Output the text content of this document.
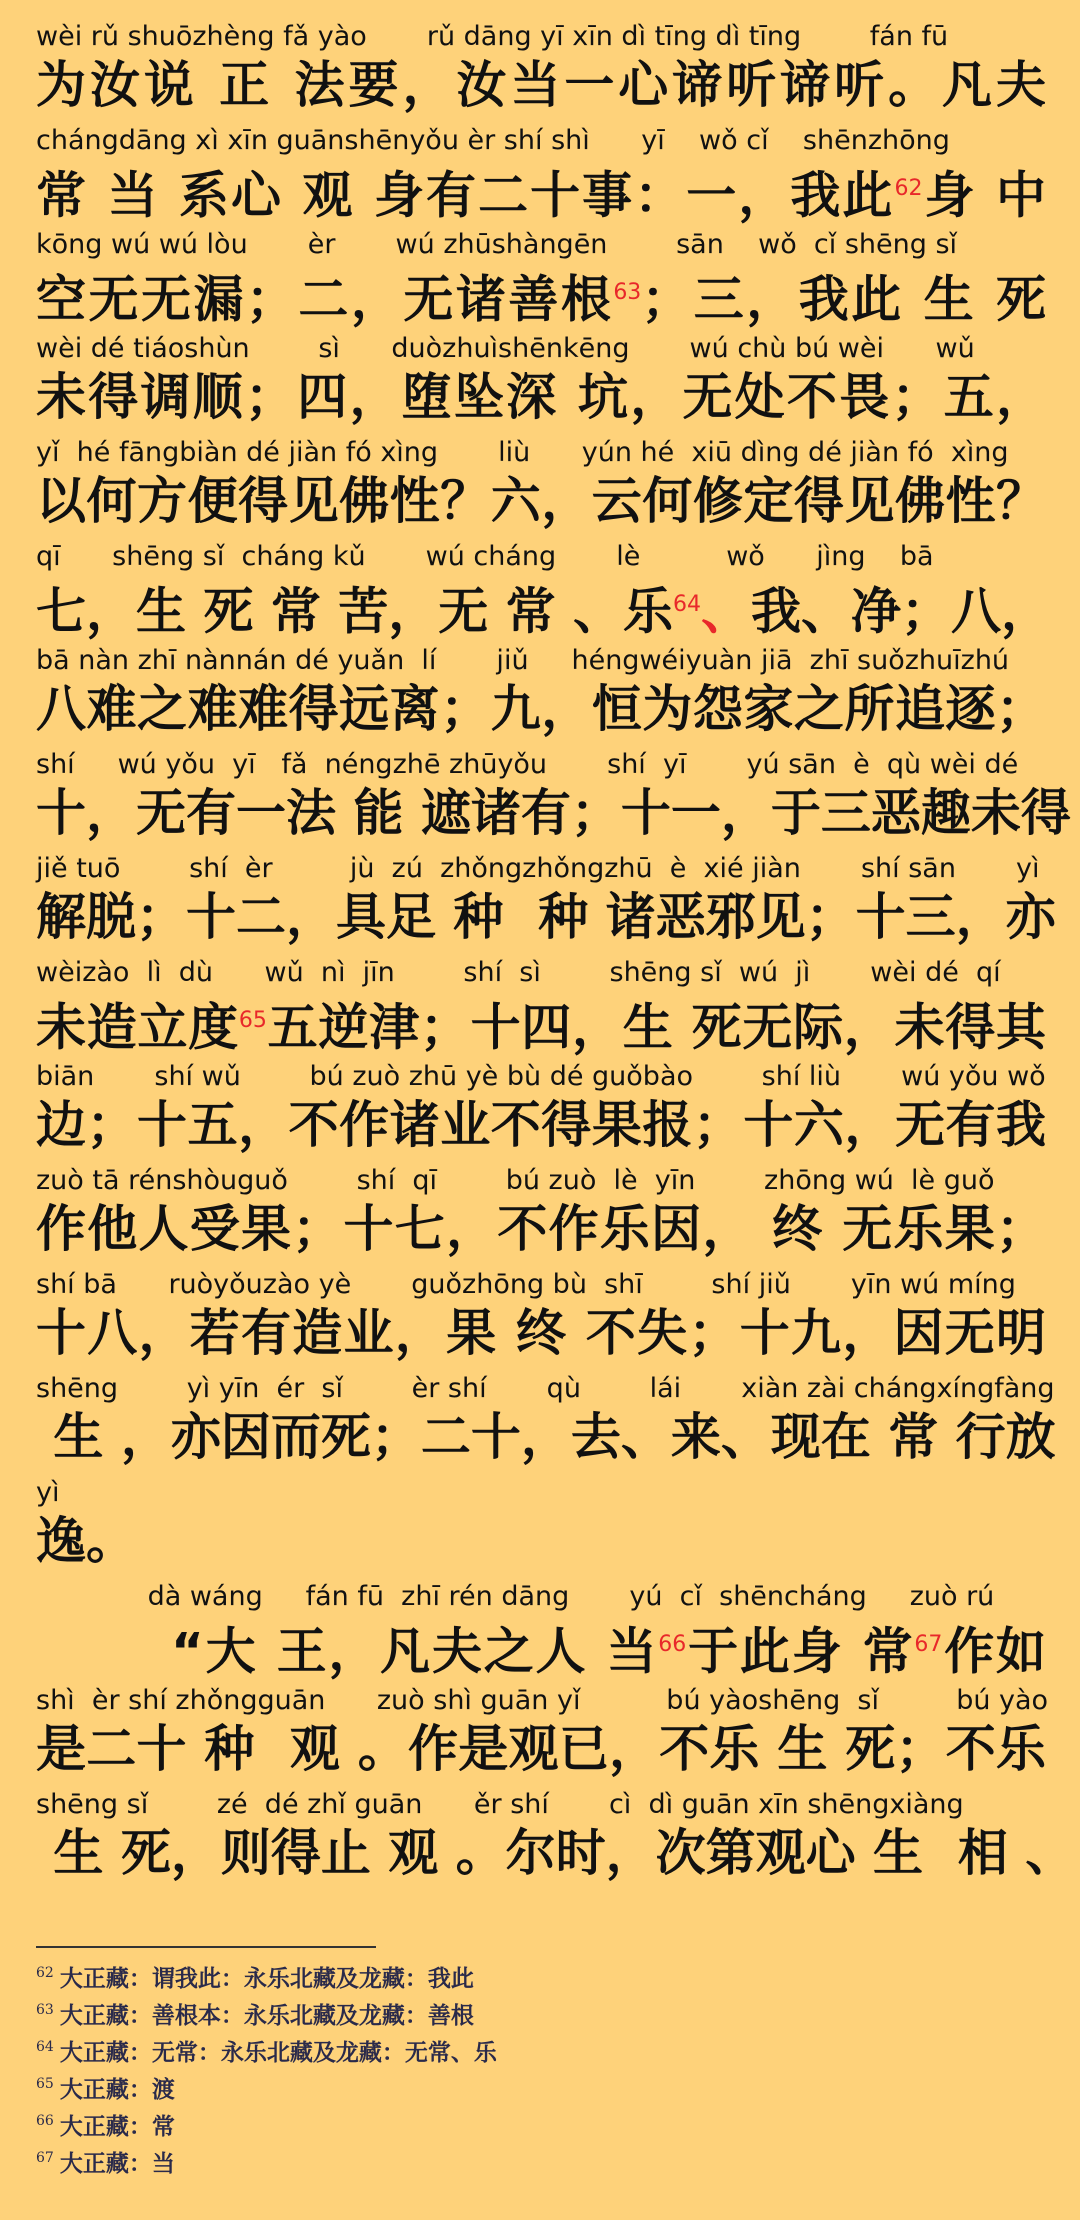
wèi rǔ shuōzhèng fǎ yào       rǔ dāng yī xīn dì tīng dì tīng        fán fū
为汝说 正 法要，汝当一心谛听谛听。凡夫
chángdāng xì xīn guānshēnyǒu èr shí shì      yī    wǒ cǐ    shēnzhōng
常 当 系心 观 身有二十事：一，我此$^{62}$身 中
kōng wú wú lòu       èr       wú zhūshàngēn        sān    wǒ  cǐ shēng sǐ
空无无漏；二，无诸善根$^{63}$；三，我此 生 死
wèi dé tiáoshùn        sì      duòzhuìshēnkēng       wú chù bú wèi      wǔ
未得调顺；四，堕坠深 坑，无处不畏；五，
yǐ  hé fāngbiàn dé jiàn fó xìng       liù      yún hé  xiū dìng dé jiàn fó  xìng
以何方便得见佛性？六，云何修定得见佛性？
qī      shēng sǐ  cháng kǔ       wú cháng       lè          wǒ      jìng    bā
七，生 死 常 苦，无 常 、乐$^{64}$、我、净；八，
bā nàn zhī nànnán dé yuǎn  lí       jiǔ     héngwéiyuàn jiā  zhī suǒzhuīzhú
八难之难难得远离；九，恒为怨家之所追逐；
shí     wú yǒu  yī   fǎ  néngzhē zhūyǒu       shí  yī       yú sān  è  qù wèi dé
十，无有一法 能 遮诸有；十一，于三恶趣未得
jiě tuō        shí  èr         jù  zú  zhǒngzhǒngzhū  è  xié jiàn       shí sān       yì
解脱；十二，具足 种  种 诸恶邪见；十三，亦
wèizào  lì  dù      wǔ  nì  jīn        shí  sì        shēng sǐ  wú  jì       wèi dé  qí
未造立度$^{65}$五逆津；十四，生 死无际，未得其
biān       shí wǔ        bú zuò zhū yè bù dé guǒbào        shí liù       wú yǒu wǒ
边；十五，不作诸业不得果报；十六，无有我
zuò tā rénshòuguǒ        shí  qī        bú zuò  lè  yīn        zhōng wú  lè guǒ
作他人受果；十七，不作乐因， 终 无乐果；
shí bā      ruòyǒuzào yè       guǒzhōng bù  shī        shí jiǔ       yīn wú míng
十八，若有造业，果 终 不失；十九，因无明
shēng        yì yīn  ér  sǐ        èr shí       qù        lái       xiàn zài chángxíngfàng
生 ，亦因而死；二十，去、来、现在 常 行放
yì
逸。
dà wáng     fán fū  zhī rén dāng       yú  cǐ  shēncháng     zuò rú
“大 王，凡夫之人 当$^{66}$于此身 常$^{67}$作如
shì  èr shí zhǒngguān      zuò shì guān yǐ          bú yàoshēng  sǐ         bú yào
是二十 种  观 。作是观已，不乐 生 死；不乐
shēng sǐ        zé  dé zhǐ guān      ěr shí       cì  dì guān xīn shēngxiàng
生 死，则得止 观 。尔时，次第观心 生  相 、
$^{62}$ 大正藏：谓我此：永乐北藏及龙藏：我此
$^{63}$ 大正藏：善根本：永乐北藏及龙藏：善根
$^{64}$ 大正藏：无常：永乐北藏及龙藏：无常、乐
$^{65}$ 大正藏：渡
$^{66}$ 大正藏：常
$^{67}$ 大正藏：当
